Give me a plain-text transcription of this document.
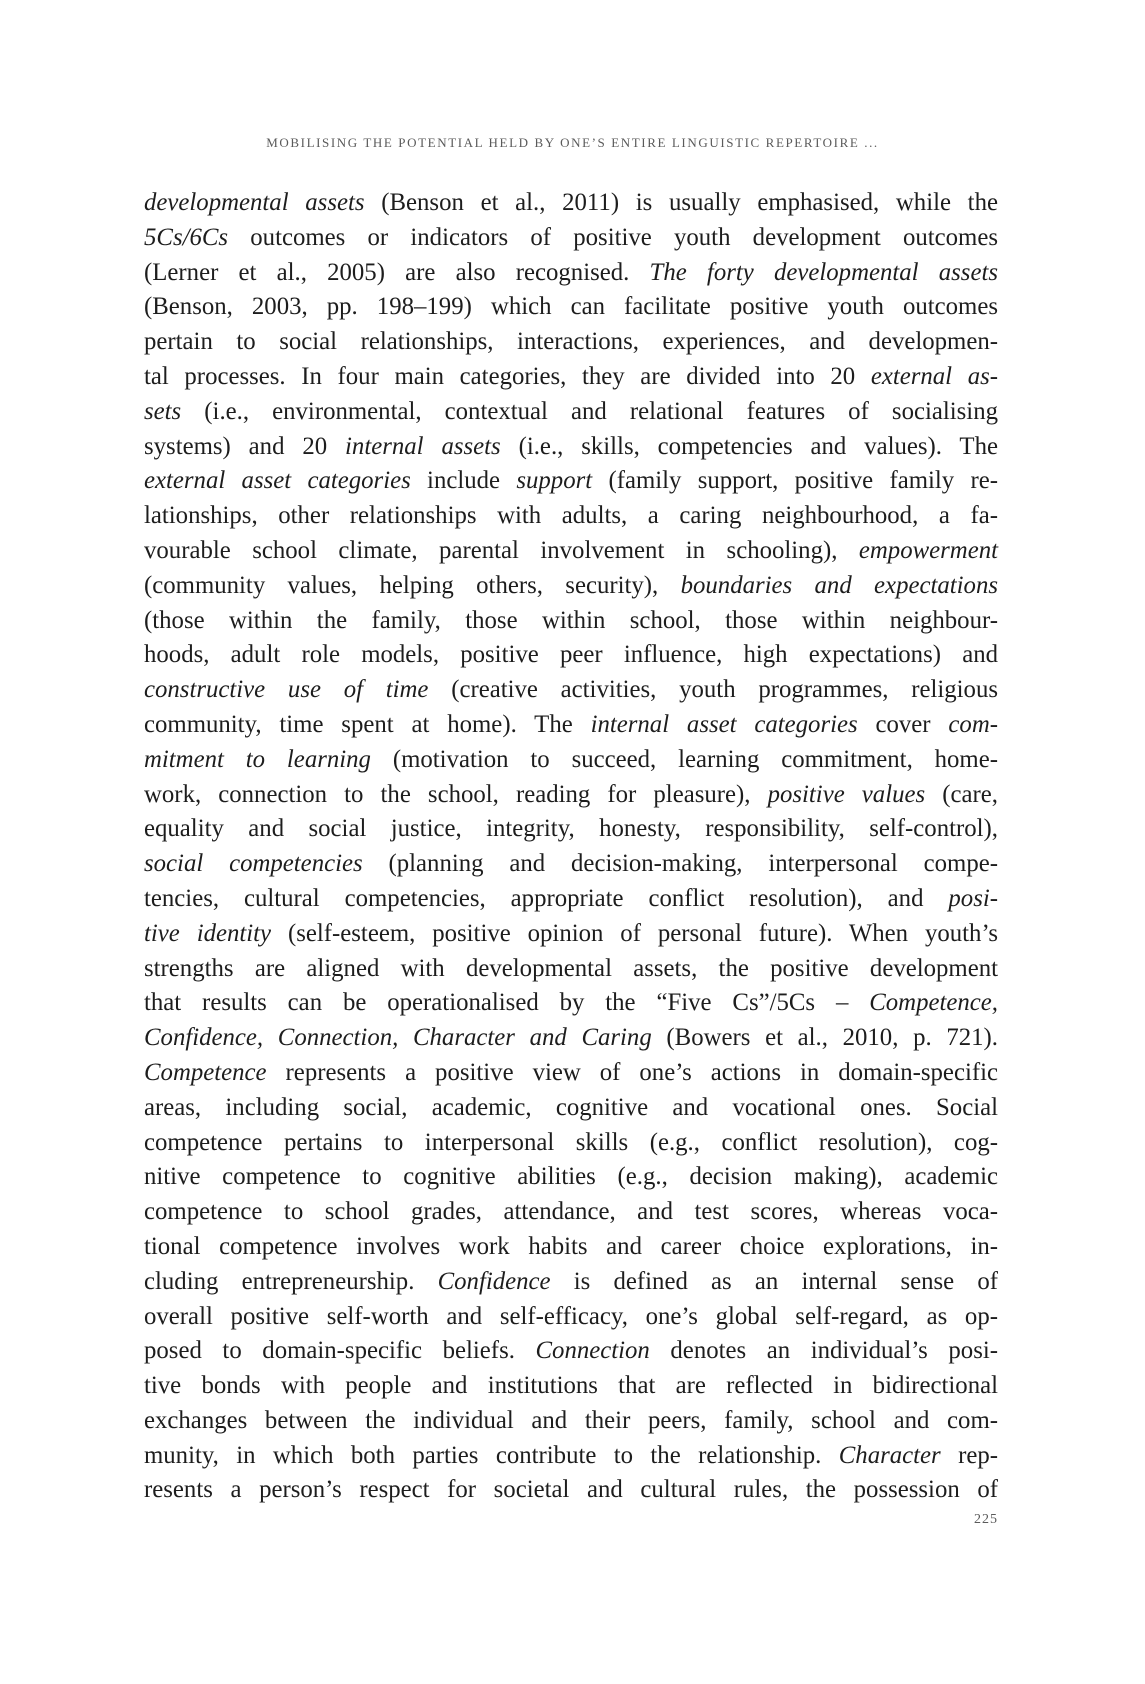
MOBILISING THE POTENTIAL HELD BY ONE’S ENTIRE LINGUISTIC REPERTOIRE ...
developmental assets (Benson et al., 2011) is usually emphasised, while the
5Cs/6Cs outcomes or indicators of positive youth development outcomes
(Lerner et al., 2005) are also recognised. The forty developmental assets
(Benson, 2003, pp. 198–199) which can facilitate positive youth outcomes
pertain to social relationships, interactions, experiences, and developmen-
tal processes. In four main categories, they are divided into 20 external as-
sets (i.e., environmental, contextual and relational features of socialising
systems) and 20 internal assets (i.e., skills, competencies and values). The
external asset categories include support (family support, positive family re-
lationships, other relationships with adults, a caring neighbourhood, a fa-
vourable school climate, parental involvement in schooling), empowerment
(community values, helping others, security), boundaries and expectations
(those within the family, those within school, those within neighbour-
hoods, adult role models, positive peer influence, high expectations) and
constructive use of time (creative activities, youth programmes, religious
community, time spent at home). The internal asset categories cover com-
mitment to learning (motivation to succeed, learning commitment, home-
work, connection to the school, reading for pleasure), positive values (care,
equality and social justice, integrity, honesty, responsibility, self-control),
social competencies (planning and decision-making, interpersonal compe-
tencies, cultural competencies, appropriate conflict resolution), and posi-
tive identity (self-esteem, positive opinion of personal future). When youth’s
strengths are aligned with developmental assets, the positive development
that results can be operationalised by the “Five Cs”/5Cs – Competence,
Confidence, Connection, Character and Caring (Bowers et al., 2010, p. 721).
Competence represents a positive view of one’s actions in domain-specific
areas, including social, academic, cognitive and vocational ones. Social
competence pertains to interpersonal skills (e.g., conflict resolution), cog-
nitive competence to cognitive abilities (e.g., decision making), academic
competence to school grades, attendance, and test scores, whereas voca-
tional competence involves work habits and career choice explorations, in-
cluding entrepreneurship. Confidence is defined as an internal sense of
overall positive self-worth and self-efficacy, one’s global self-regard, as op-
posed to domain-specific beliefs. Connection denotes an individual’s posi-
tive bonds with people and institutions that are reflected in bidirectional
exchanges between the individual and their peers, family, school and com-
munity, in which both parties contribute to the relationship. Character rep-
resents a person’s respect for societal and cultural rules, the possession of
225
